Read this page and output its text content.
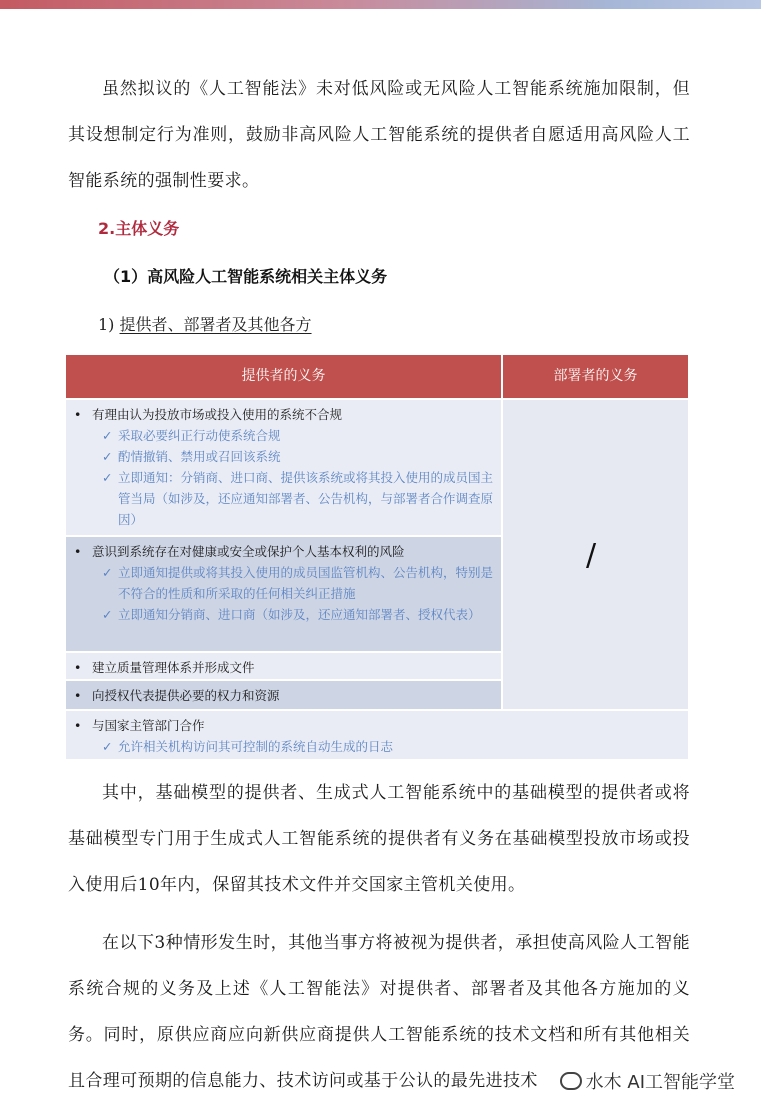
虽然拟议的《人工智能法》未对低风险或无风险人工智能系统施加限制，但其设想制定行为准则，鼓励非高风险人工智能系统的提供者自愿适用高风险人工智能系统的强制性要求。

2.主体义务

（1）高风险人工智能系统相关主体义务

1) 提供者、部署者及其他各方

提供者的义务	部署者的义务
/
• 有理由认为投放市场或投入使用的系统不合规
✓ 采取必要纠正行动使系统合规
✓ 酌情撤销、禁用或召回该系统
✓ 立即通知：分销商、进口商、提供该系统或将其投入使用的成员国主管当局（如涉及，还应通知部署者、公告机构，与部署者合作调查原因）
• 意识到系统存在对健康或安全或保护个人基本权利的风险
✓ 立即通知提供或将其投入使用的成员国监管机构、公告机构，特别是不符合的性质和所采取的任何相关纠正措施
✓ 立即通知分销商、进口商（如涉及，还应通知部署者、授权代表）
• 建立质量管理体系并形成文件
• 向授权代表提供必要的权力和资源
• 与国家主管部门合作
✓ 允许相关机构访问其可控制的系统自动生成的日志

其中，基础模型的提供者、生成式人工智能系统中的基础模型的提供者或将基础模型专门用于生成式人工智能系统的提供者有义务在基础模型投放市场或投入使用后10年内，保留其技术文件并交国家主管机关使用。

在以下3种情形发生时，其他当事方将被视为提供者，承担使高风险人工智能系统合规的义务及上述《人工智能法》对提供者、部署者及其他各方施加的义务。同时，原供应商应向新供应商提供人工智能系统的技术文档和所有其他相关且合理可预期的信息能力、技术访问或基于公认的最先进技术	水木 AI工智能学堂
